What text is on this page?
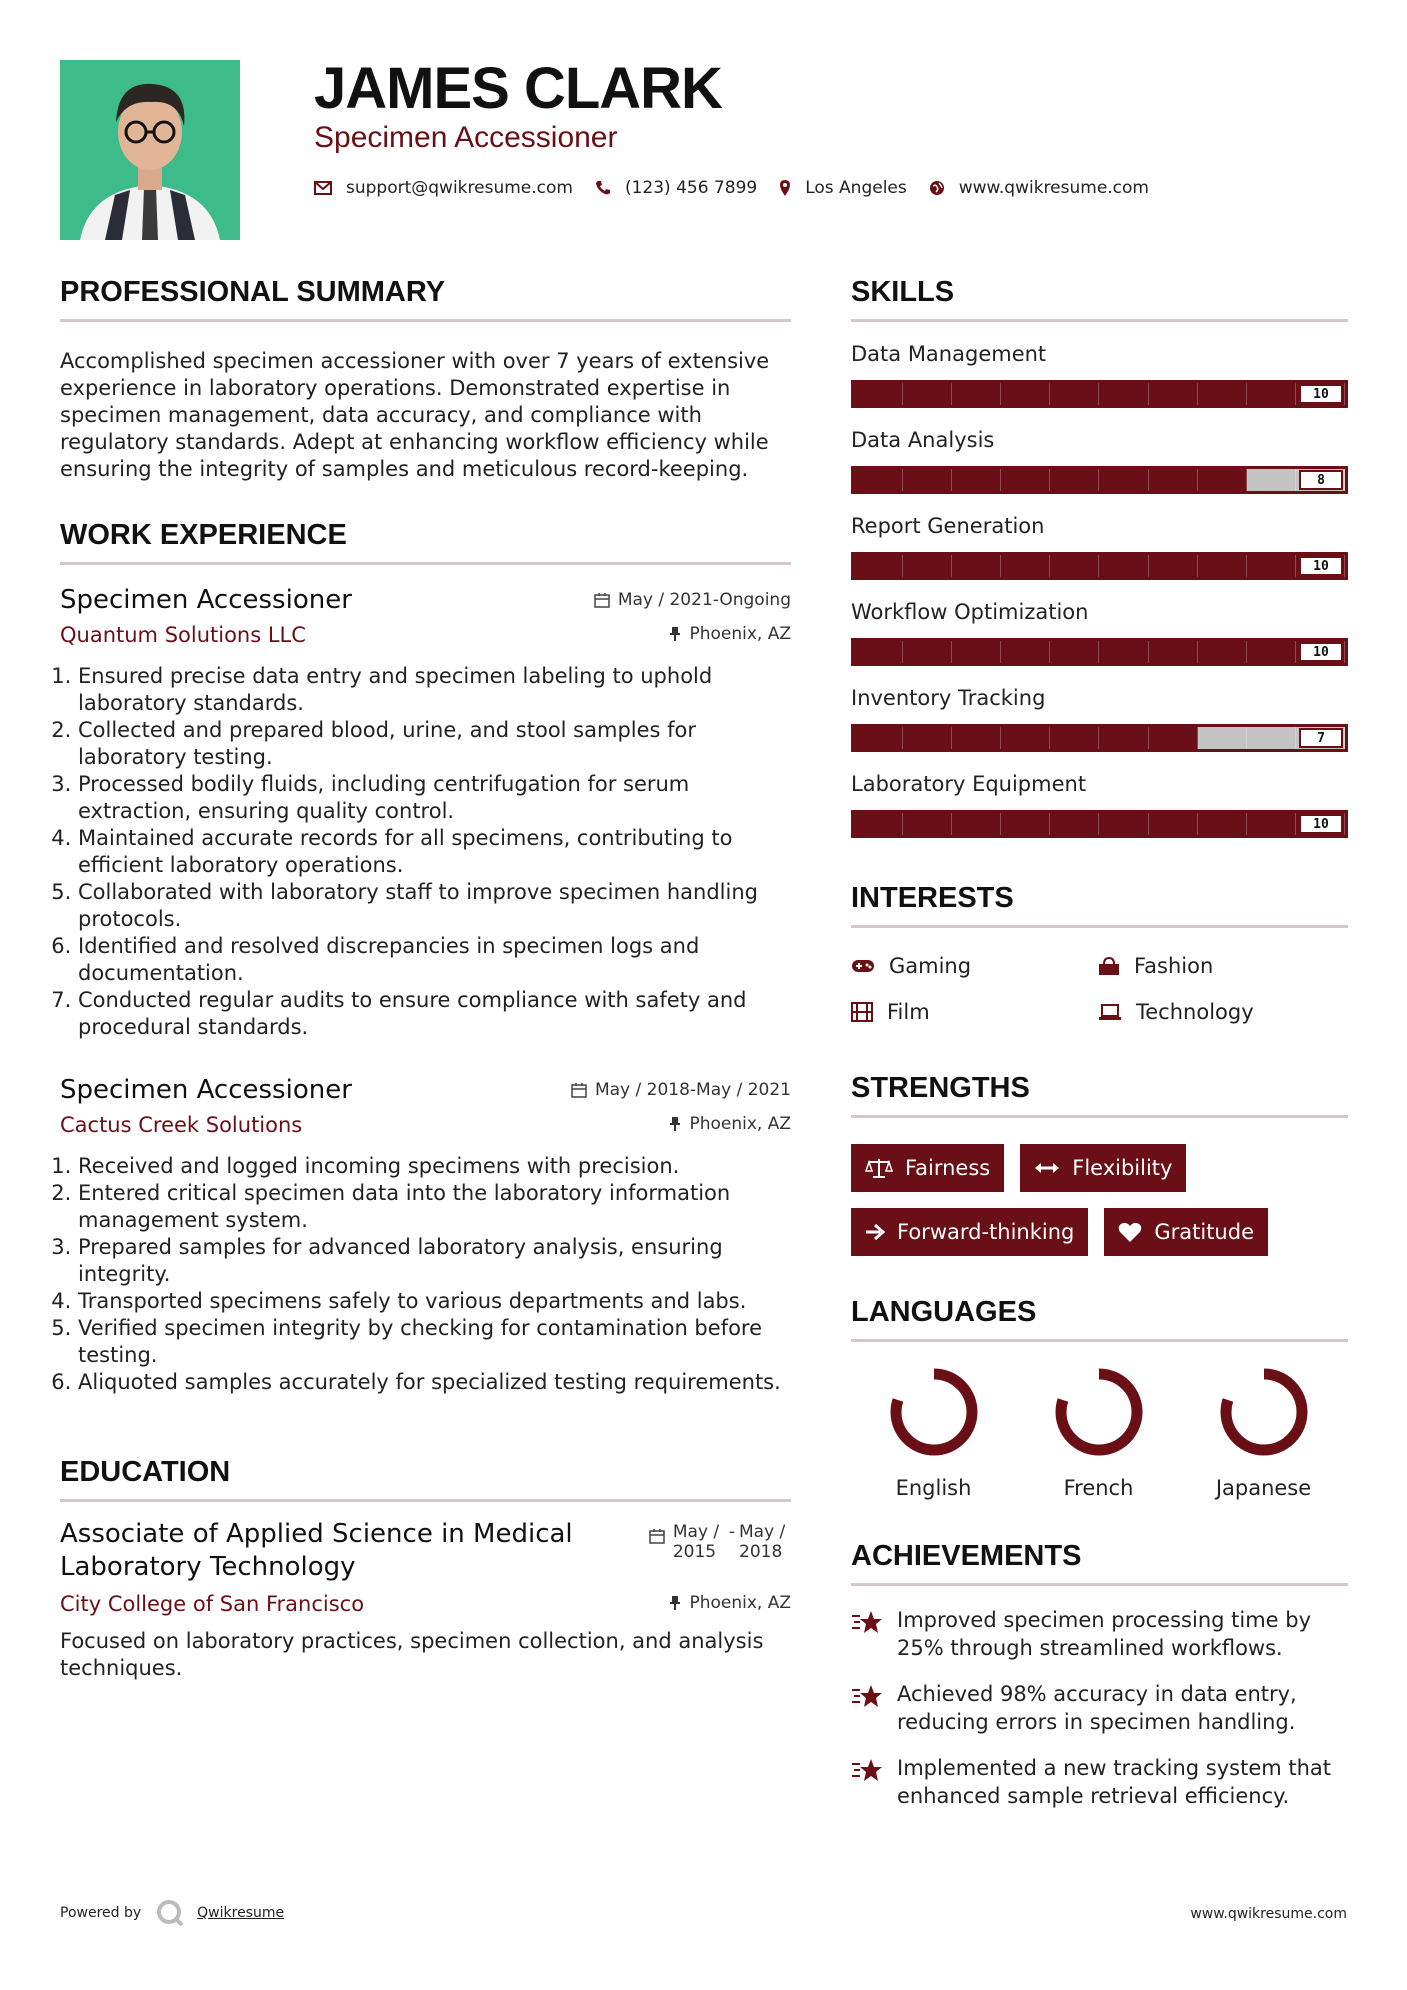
JAMES CLARK
Specimen Accessioner
support@qwikresume.com	(123) 456 7899	Los Angeles	www.qwikresume.com
PROFESSIONAL SUMMARY

Accomplished specimen accessioner with over 7 years of extensive experience in laboratory operations. Demonstrated expertise in specimen management, data accuracy, and compliance with regulatory standards. Adept at enhancing workflow efficiency while ensuring the integrity of samples and meticulous record-keeping.

WORK EXPERIENCE
Specimen Accessioner	May / 2021-Ongoing
Quantum Solutions LLC	Phoenix, AZ
1. Ensured precise data entry and specimen labeling to uphold laboratory standards.
2. Collected and prepared blood, urine, and stool samples for laboratory testing.
3. Processed bodily fluids, including centrifugation for serum extraction, ensuring quality control.
4. Maintained accurate records for all specimens, contributing to efficient laboratory operations.
5. Collaborated with laboratory staff to improve specimen handling protocols.
6. Identified and resolved discrepancies in specimen logs and documentation.
7. Conducted regular audits to ensure compliance with safety and procedural standards.
Specimen Accessioner	May / 2018-May / 2021
Cactus Creek Solutions	Phoenix, AZ
1. Received and logged incoming specimens with precision.
2. Entered critical specimen data into the laboratory information management system.
3. Prepared samples for advanced laboratory analysis, ensuring integrity.
4. Transported specimens safely to various departments and labs.
5. Verified specimen integrity by checking for contamination before testing.
6. Aliquoted samples accurately for specialized testing requirements.
EDUCATION
Associate of Applied Science in Medical Laboratory Technology
May / 2015
- May / 2018
City College of San Francisco	Phoenix, AZ
Focused on laboratory practices, specimen collection, and analysis techniques.
SKILLS
Data Management
10
Data Analysis
8
Report Generation
10
Workflow Optimization
10
Inventory Tracking
7
Laboratory Equipment
10
INTERESTS
Gaming	Fashion
Film	Technology
STRENGTHS
Fairness	Flexibility
Forward-thinking	Gratitude
LANGUAGES
English	French	Japanese
ACHIEVEMENTS
Improved specimen processing time by 25% through streamlined workflows.
Achieved 98% accuracy in data entry, reducing errors in specimen handling.
Implemented a new tracking system that enhanced sample retrieval efficiency.
Powered by	Qwikresume	www.qwikresume.com
